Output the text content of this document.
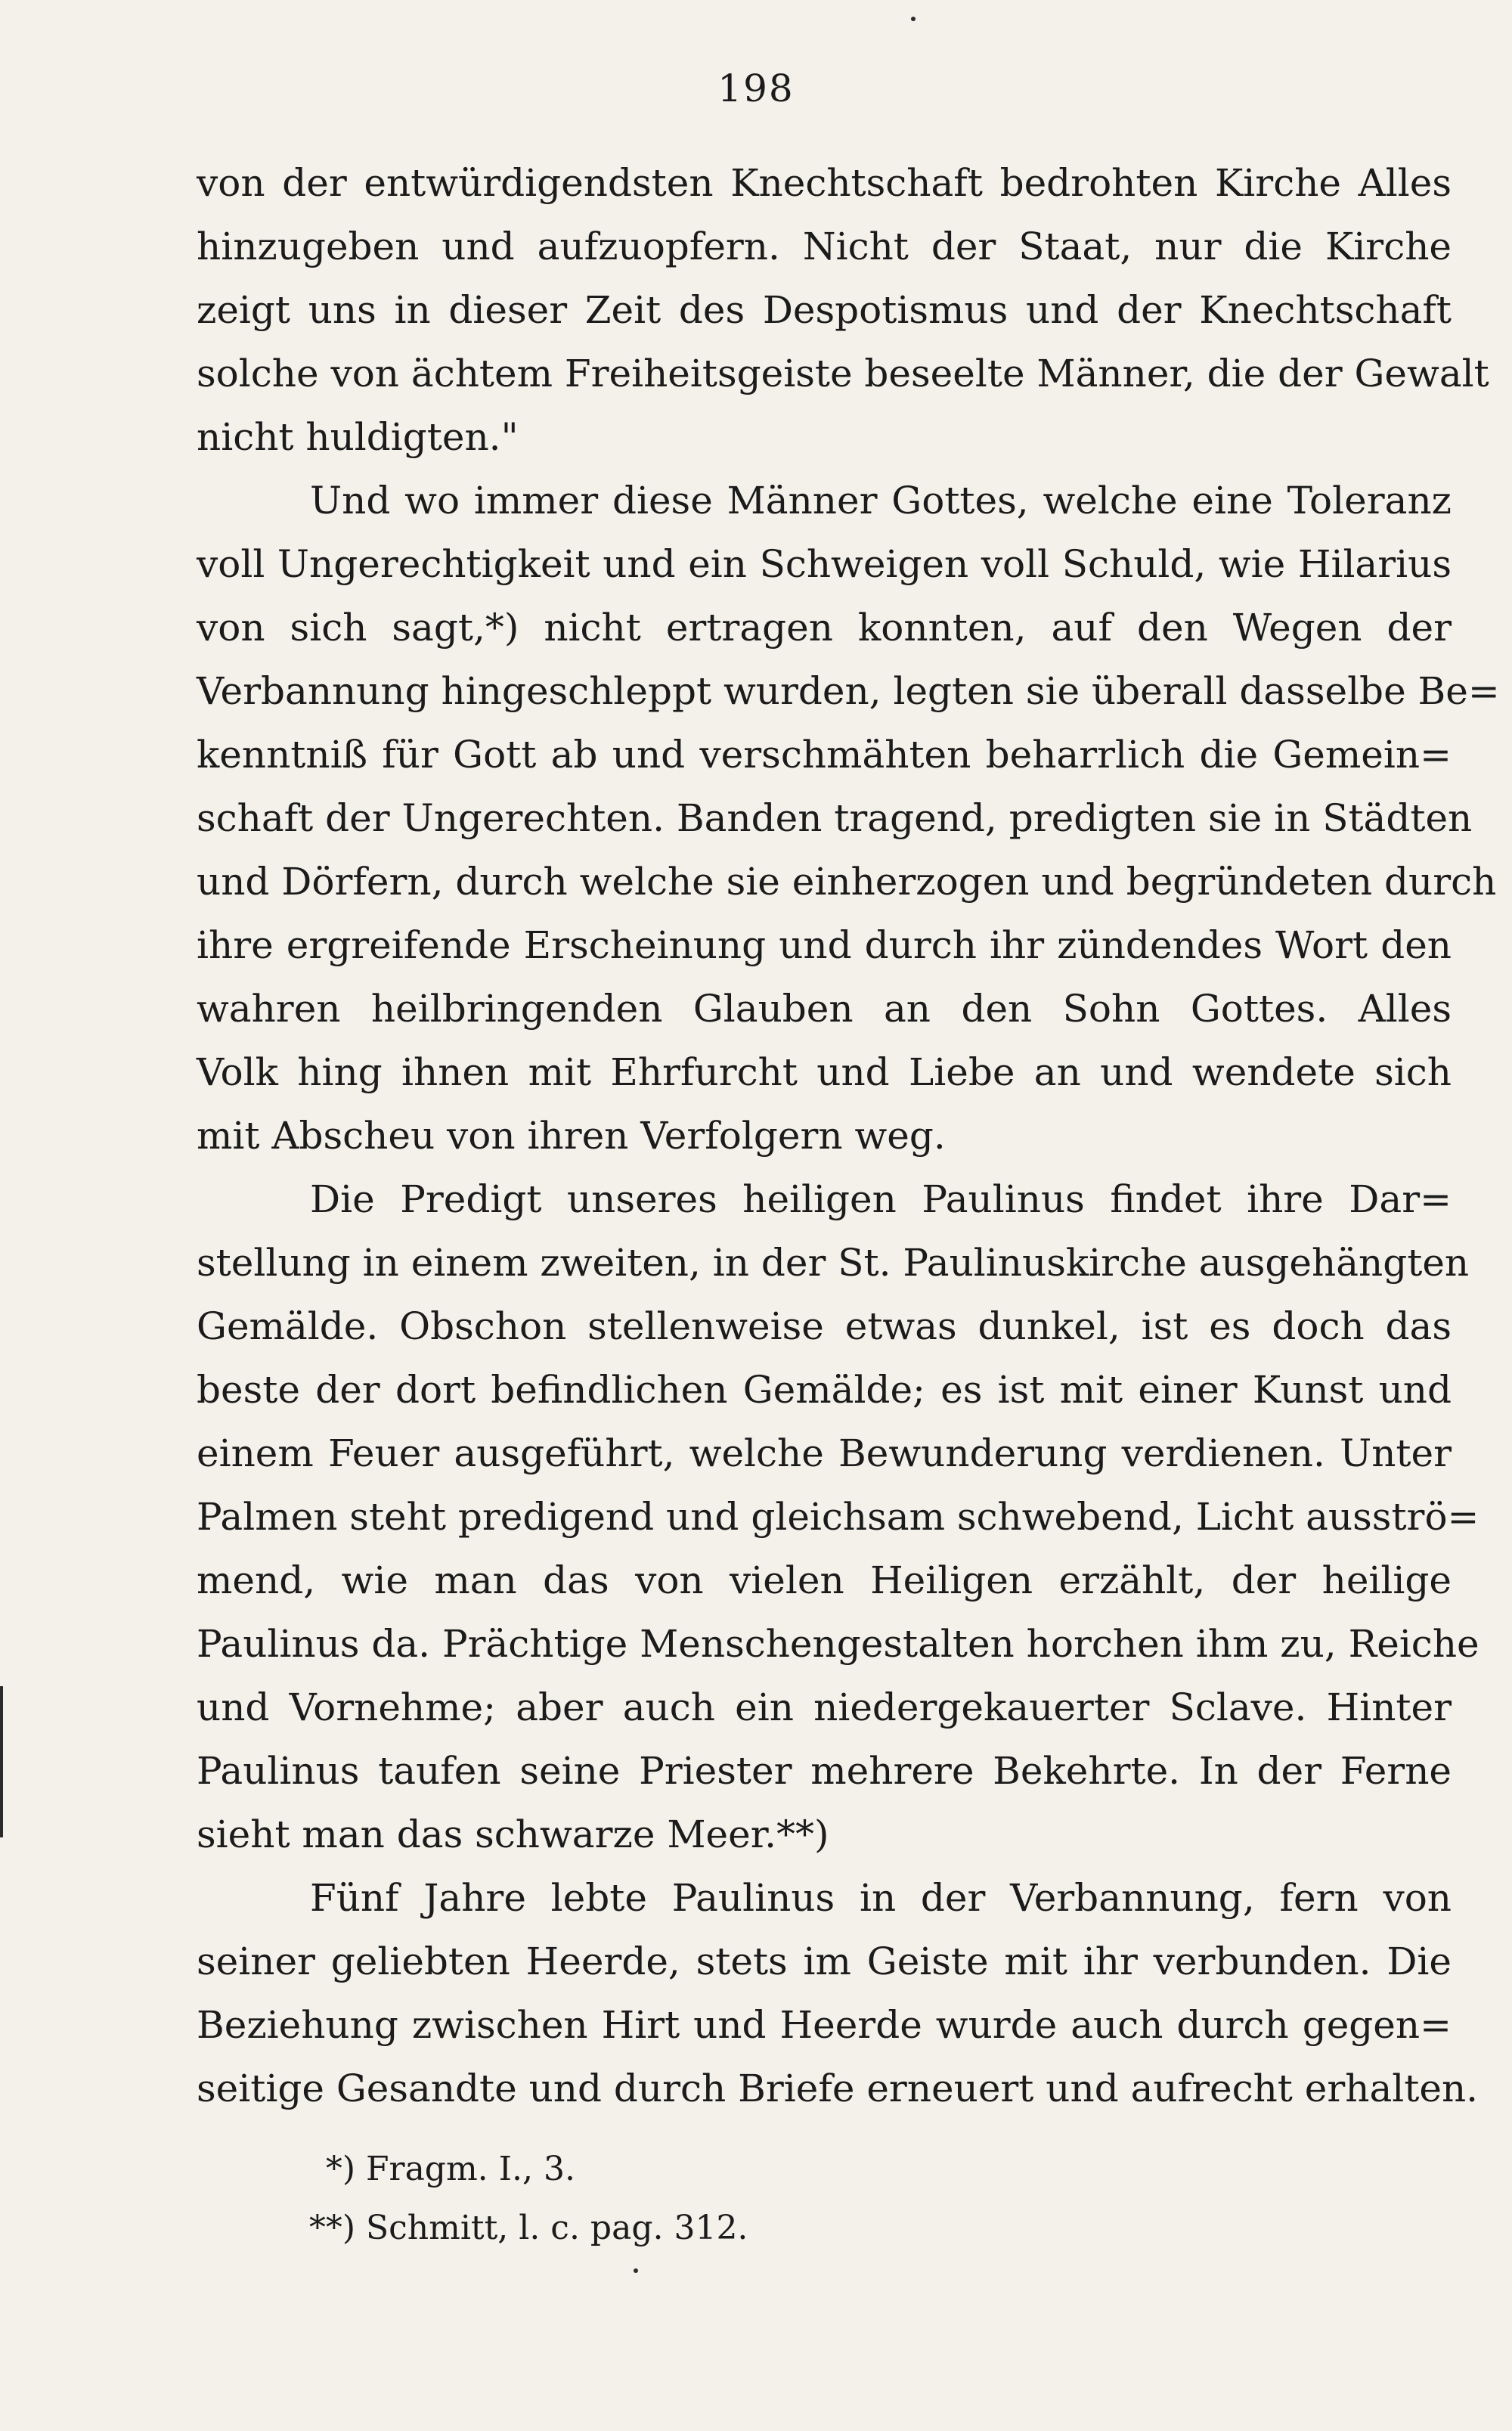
198
von der entwürdigendsten Knechtschaft bedrohten Kirche Alles
hinzugeben und aufzuopfern. Nicht der Staat, nur die Kirche
zeigt uns in dieser Zeit des Despotismus und der Knechtschaft
solche von ächtem Freiheitsgeiste beseelte Männer, die der Gewalt
nicht huldigten."
Und wo immer diese Männer Gottes, welche eine Toleranz
voll Ungerechtigkeit und ein Schweigen voll Schuld, wie Hilarius
von sich sagt,*) nicht ertragen konnten, auf den Wegen der
Verbannung hingeschleppt wurden, legten sie überall dasselbe Be=
kenntniß für Gott ab und verschmähten beharrlich die Gemein=
schaft der Ungerechten. Banden tragend, predigten sie in Städten
und Dörfern, durch welche sie einherzogen und begründeten durch
ihre ergreifende Erscheinung und durch ihr zündendes Wort den
wahren heilbringenden Glauben an den Sohn Gottes. Alles
Volk hing ihnen mit Ehrfurcht und Liebe an und wendete sich
mit Abscheu von ihren Verfolgern weg.
Die Predigt unseres heiligen Paulinus findet ihre Dar=
stellung in einem zweiten, in der St. Paulinuskirche ausgehängten
Gemälde. Obschon stellenweise etwas dunkel, ist es doch das
beste der dort befindlichen Gemälde; es ist mit einer Kunst und
einem Feuer ausgeführt, welche Bewunderung verdienen. Unter
Palmen steht predigend und gleichsam schwebend, Licht ausströ=
mend, wie man das von vielen Heiligen erzählt, der heilige
Paulinus da. Prächtige Menschengestalten horchen ihm zu, Reiche
und Vornehme; aber auch ein niedergekauerter Sclave. Hinter
Paulinus taufen seine Priester mehrere Bekehrte. In der Ferne
sieht man das schwarze Meer.**)
Fünf Jahre lebte Paulinus in der Verbannung, fern von
seiner geliebten Heerde, stets im Geiste mit ihr verbunden. Die
Beziehung zwischen Hirt und Heerde wurde auch durch gegen=
seitige Gesandte und durch Briefe erneuert und aufrecht erhalten.
*) Fragm. I., 3.
**) Schmitt, l. c. pag. 312.
